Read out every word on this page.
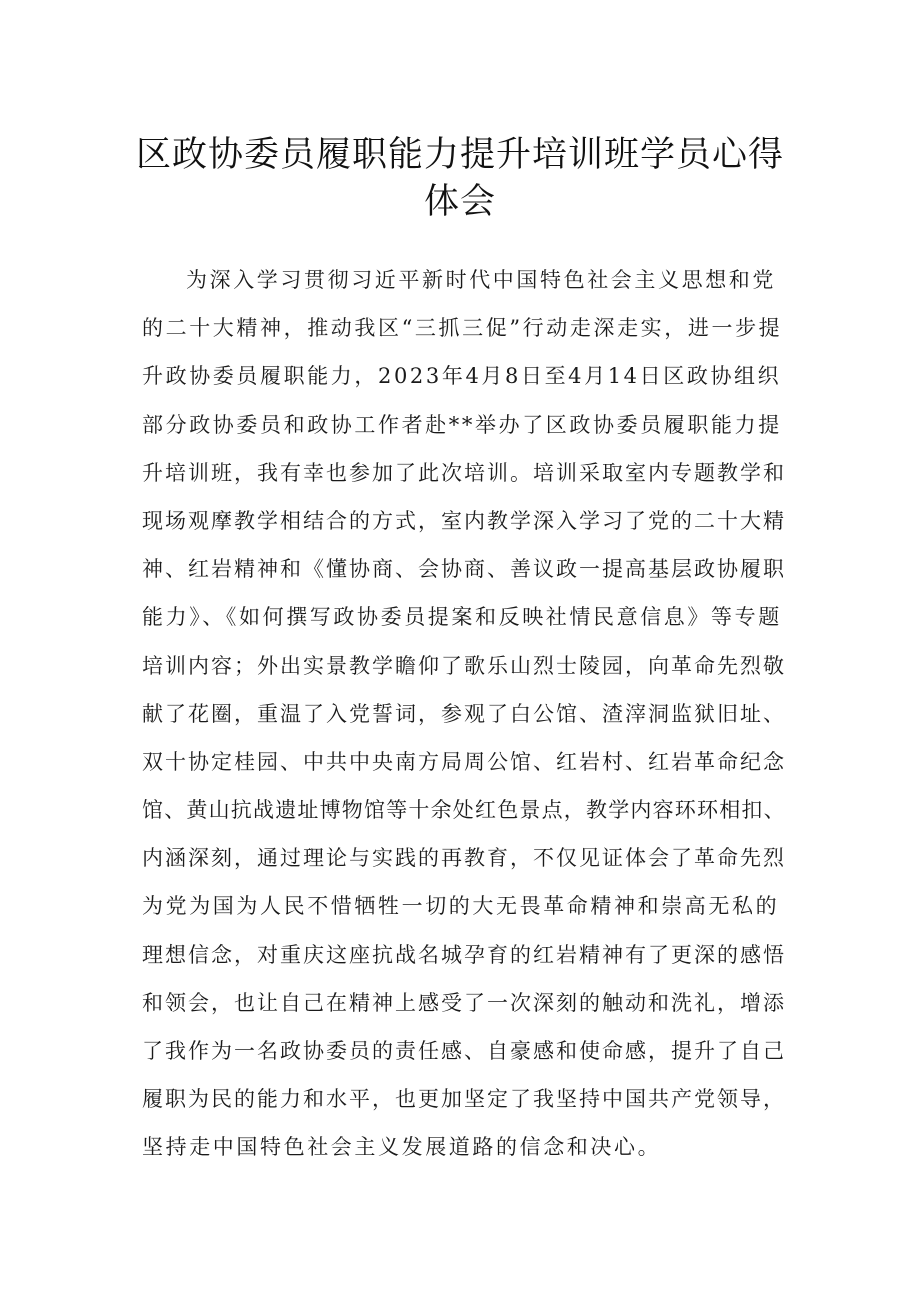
区政协委员履职能力提升培训班学员心得
体会
为深入学习贯彻习近平新时代中国特色社会主义思想和党
的二十大精神，推动我区“三抓三促”行动走深走实，进一步提
升政协委员履职能力，2023年4月8日至4月14日区政协组织
部分政协委员和政协工作者赴**举办了区政协委员履职能力提
升培训班，我有幸也参加了此次培训。培训采取室内专题教学和
现场观摩教学相结合的方式，室内教学深入学习了党的二十大精
神、红岩精神和《懂协商、会协商、善议政一提高基层政协履职
能力》、《如何撰写政协委员提案和反映社情民意信息》等专题
培训内容；外出实景教学瞻仰了歌乐山烈士陵园，向革命先烈敬
献了花圈，重温了入党誓词，参观了白公馆、渣滓洞监狱旧址、
双十协定桂园、中共中央南方局周公馆、红岩村、红岩革命纪念
馆、黄山抗战遗址博物馆等十余处红色景点，教学内容环环相扣、
内涵深刻，通过理论与实践的再教育，不仅见证体会了革命先烈
为党为国为人民不惜牺牲一切的大无畏革命精神和崇高无私的
理想信念，对重庆这座抗战名城孕育的红岩精神有了更深的感悟
和领会，也让自己在精神上感受了一次深刻的触动和洗礼，增添
了我作为一名政协委员的责任感、自豪感和使命感，提升了自己
履职为民的能力和水平，也更加坚定了我坚持中国共产党领导，
坚持走中国特色社会主义发展道路的信念和决心。
